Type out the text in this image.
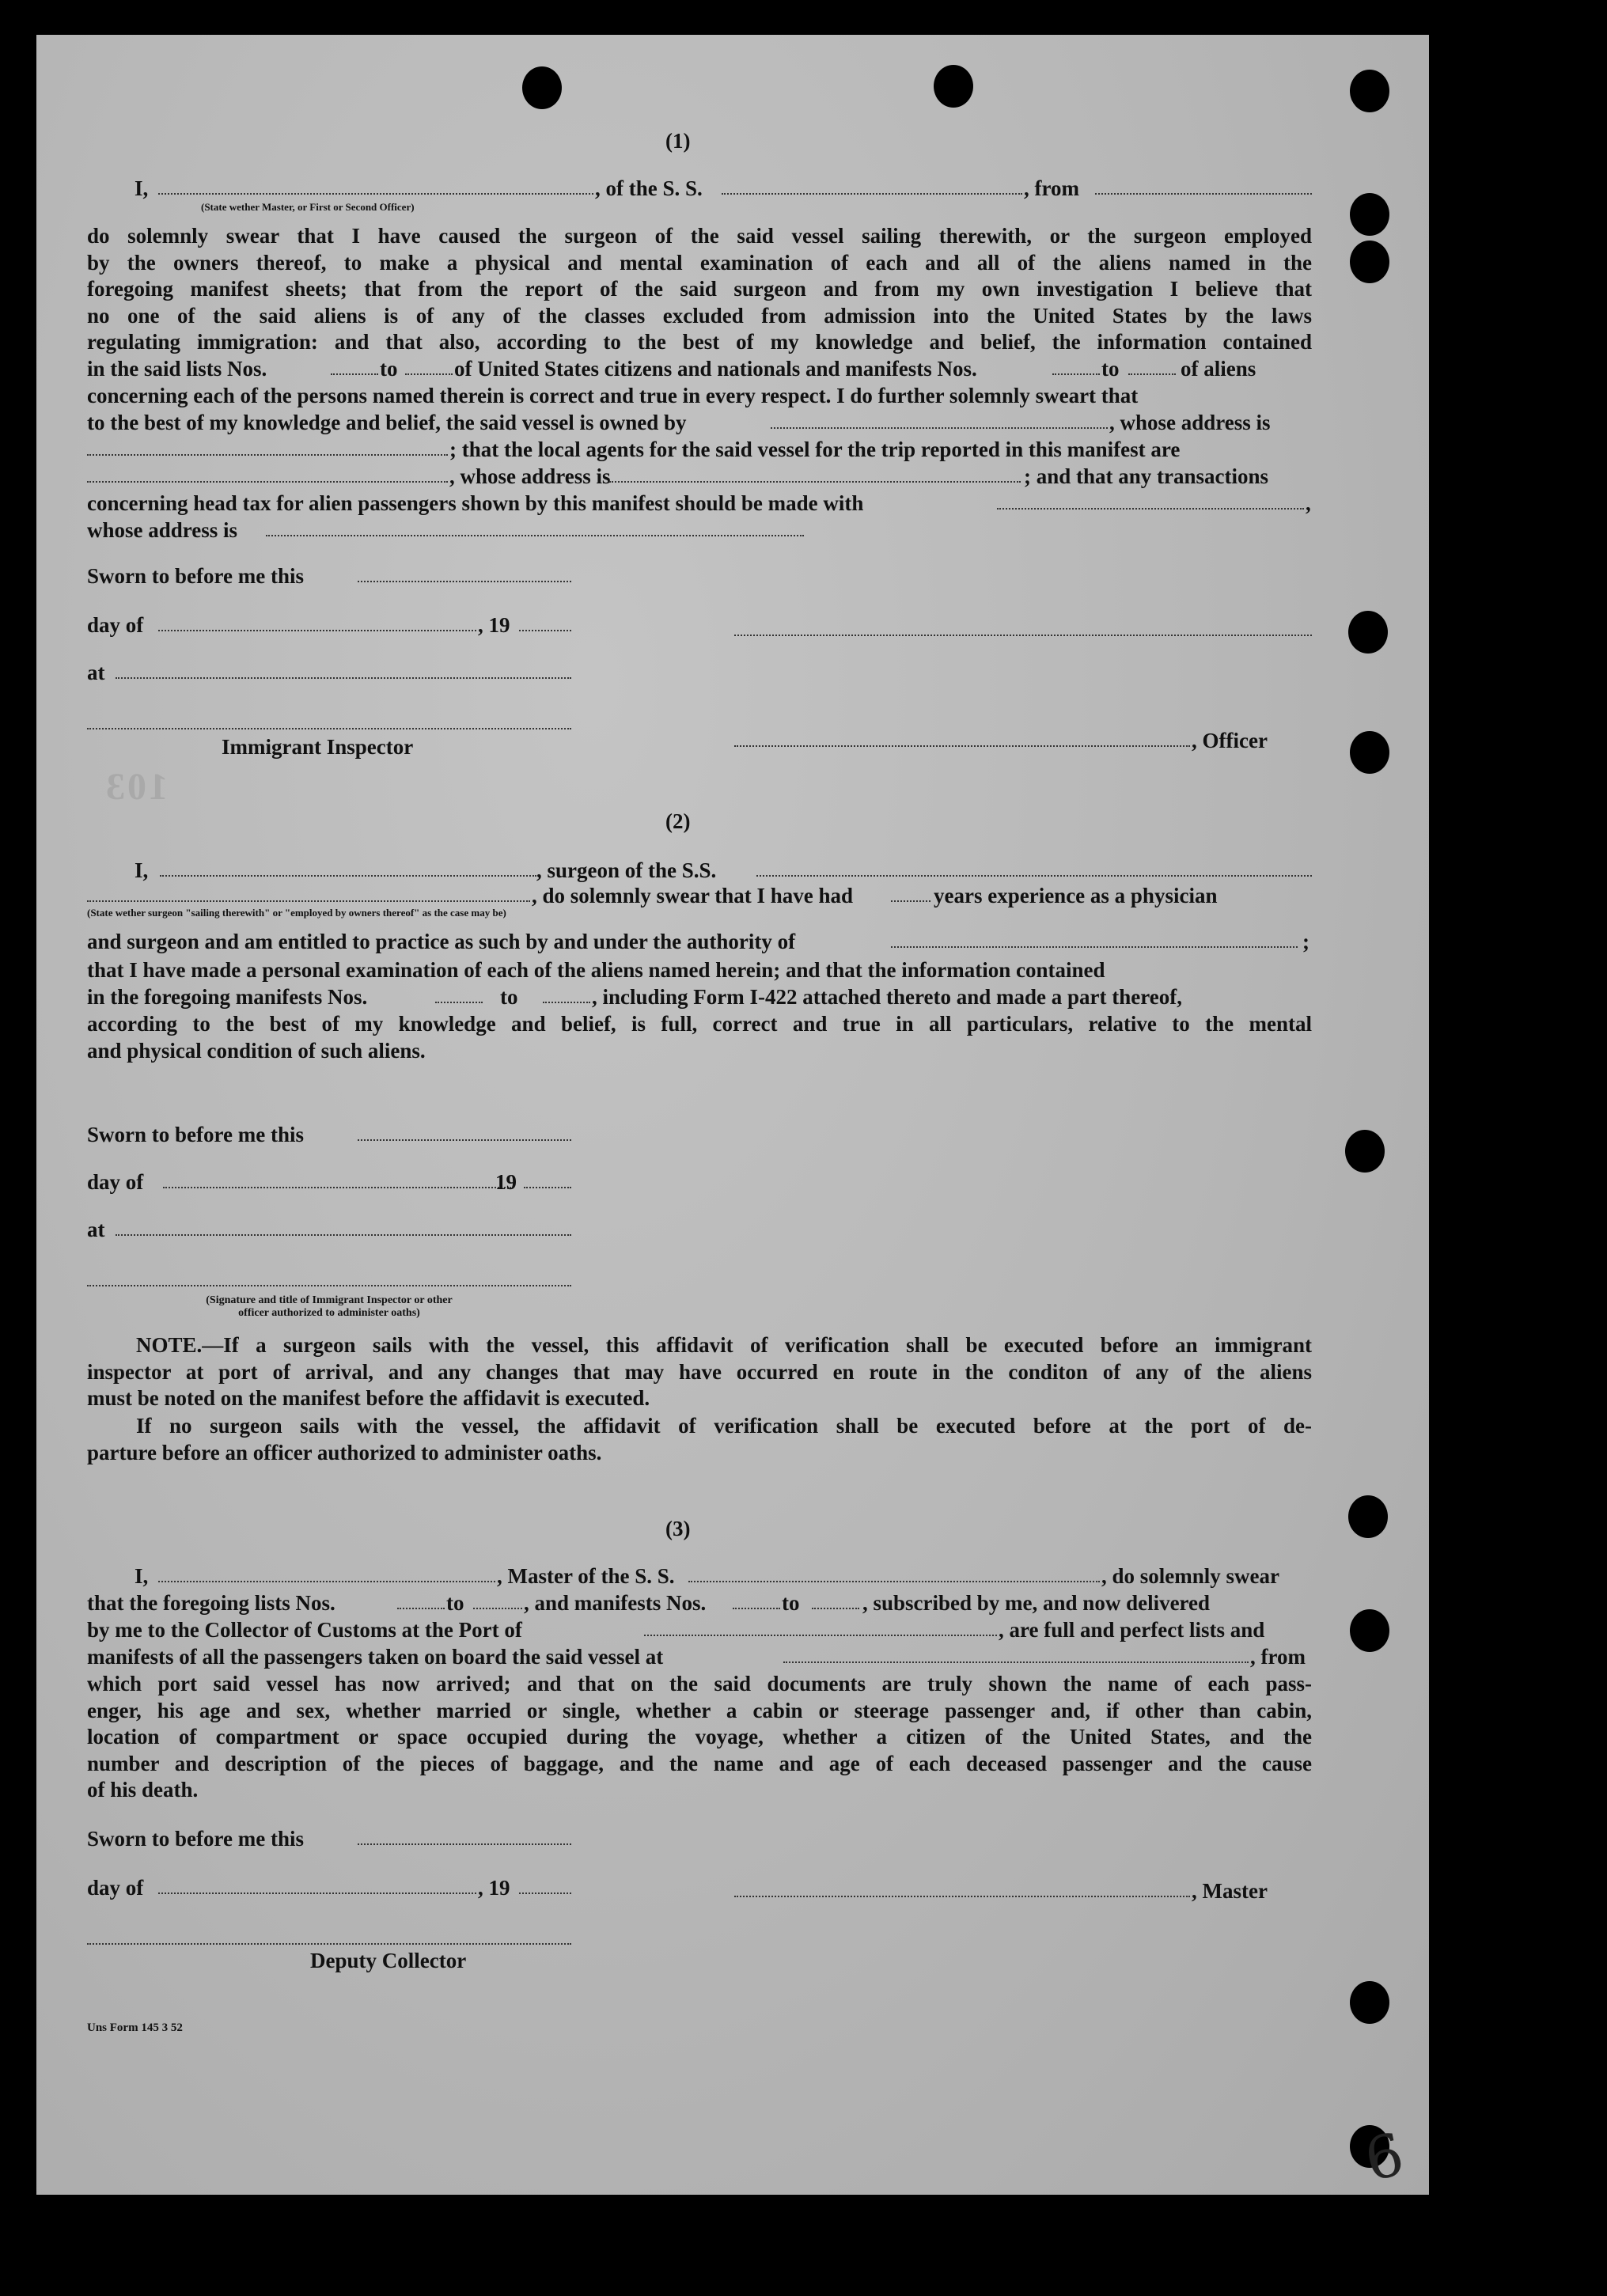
(1)
I,	, of the S. S.	, from
(State wether Master, or First or Second Officer)
do solemnly swear that I have caused the surgeon of the said vessel sailing therewith, or the surgeon employed
by the owners thereof, to make a physical and mental examination of each and all of the aliens named in the
foregoing manifest sheets; that from the report of the said surgeon and from my own investigation I believe that
no one of the said aliens is of any of the classes excluded from admission into the United States by the laws
regulating immigration: and that also, according to the best of my knowledge and belief, the information contained
in the said lists Nos.	to	of United States citizens and nationals and manifests Nos.	to	of aliens
concerning each of the persons named therein is correct and true in every respect. I do further solemnly sweart that
to the best of my knowledge and belief, the said vessel is owned by	, whose address is
; that the local agents for the said vessel for the trip reported in this manifest are
, whose address is	; and that any transactions
concerning head tax for alien passengers shown by this manifest should be made with	,
whose address is
Sworn to before me this
day of	, 19
at
103
Immigrant Inspector	, Officer
(2)
I,	, surgeon of the S.S.
, do solemnly swear that I have had	years experience as a physician
(State wether surgeon "sailing therewith" or "employed by owners thereof" as the case may be)
and surgeon and am entitled to practice as such by and under the authority of	;
that I have made a personal examination of each of the aliens named herein; and that the information contained
in the foregoing manifests Nos.	to	, including Form I-422 attached thereto and made a part thereof,
according to the best of my knowledge and belief, is full, correct and true in all particulars, relative to the mental
and physical condition of such aliens.
Sworn to before me this
day of	19
at
(Signature and title of Immigrant Inspector or other
officer authorized to administer oaths)
NOTE.—If a surgeon sails with the vessel, this affidavit of verification shall be executed before an immigrant
inspector at port of arrival, and any changes that may have occurred en route in the conditon of any of the aliens
must be noted on the manifest before the affidavit is executed.
If no surgeon sails with the vessel, the affidavit of verification shall be executed before at the port of de-
parture before an officer authorized to administer oaths.
(3)
I,	, Master of the S. S.	, do solemnly swear
that the foregoing lists Nos.	to	, and manifests Nos.	to	, subscribed by me, and now delivered
by me to the Collector of Customs at the Port of	, are full and perfect lists and
manifests of all the passengers taken on board the said vessel at	, from
which port said vessel has now arrived; and that on the said documents are truly shown the name of each pass-
enger, his age and sex, whether married or single, whether a cabin or steerage passenger and, if other than cabin,
location of compartment or space occupied during the voyage, whether a citizen of the United States, and the
number and description of the pieces of baggage, and the name and age of each deceased passenger and the cause
of his death.
Sworn to before me this
day of	, 19	, Master
Deputy Collector
Uns Form 145 3 52
6
